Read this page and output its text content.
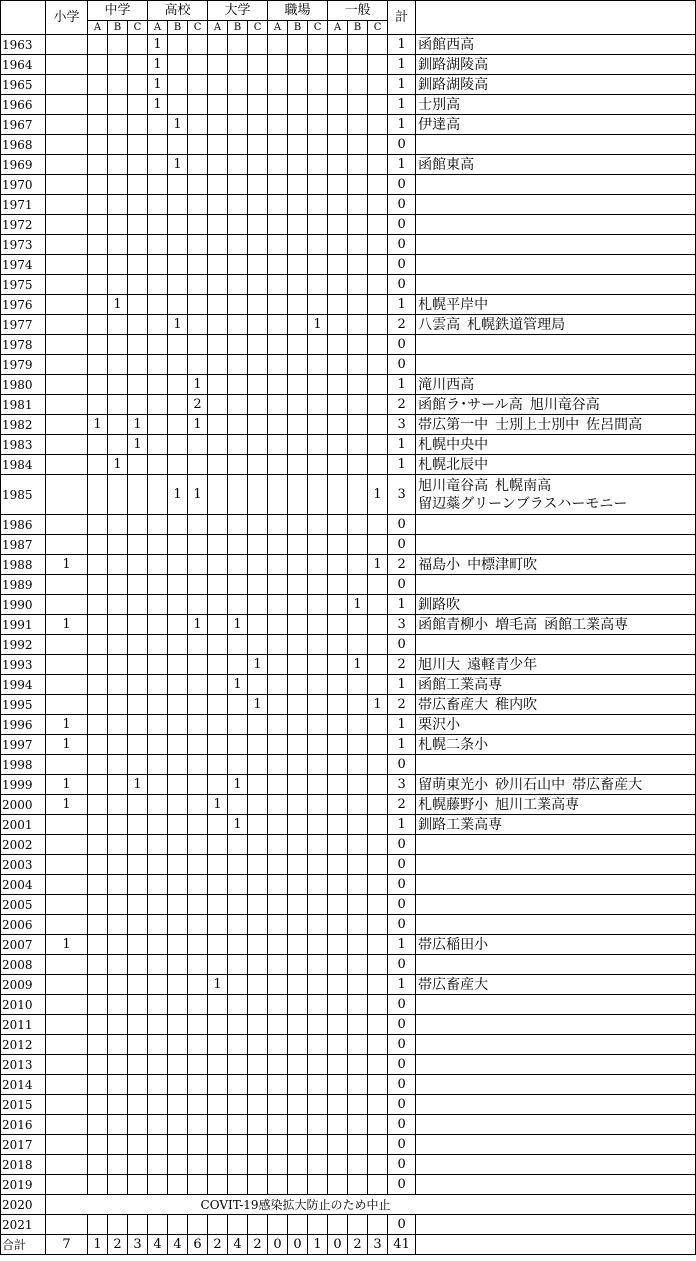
	小学	中学			高校			大学			職場			一般			計	
		A	B	C	A	B	C	A	B	C	A	B	C	A	B	C		
1963					1												1	函館西高

1964					1												1	釧路湖陵高

1965					1												1	釧路湖陵高

1966					1												1	士別高

1967						1											1	伊達高

1968																	0	

1969						1											1	函館東高

1970																	0	

1971																	0	

1972																	0	

1973																	0	

1974																	0	

1975																	0	

1976			1														1	札幌平岸中

1977						1							1				2	八雲高 札幌鉄道管理局

1978																	0	

1979																	0	

1980							1										1	滝川西高

1981							2										2	函館ラ･サール高 旭川竜谷高

1982		1		1			1										3	帯広第一中 士別上士別中 佐呂間高

1983				1													1	札幌中央中

1984			1														1	札幌北辰中

1985						1	1									1	3	旭川竜谷高 札幌南高
留辺蘂グリーンブラスハーモニー

1986																	0	

1987																	0	

1988	1															1	2	福島小 中標津町吹

1989																	0	

1990															1		1	釧路吹

1991	1						1		1								3	函館青柳小 増毛高 函館工業高専

1992																	0	

1993										1					1		2	旭川大 遠軽青少年

1994									1								1	函館工業高専

1995										1						1	2	帯広畜産大 稚内吹

1996	1																1	栗沢小

1997	1																1	札幌二条小

1998																	0	

1999	1			1					1								3	留萌東光小 砂川石山中 帯広畜産大

2000	1							1									2	札幌藤野小 旭川工業高専

2001									1								1	釧路工業高専

2002																	0	

2003																	0	

2004																	0	

2005																	0	

2006																	0	

2007	1																1	帯広稲田小

2008																	0	

2009								1									1	帯広畜産大

2010																	0	

2011																	0	

2012																	0	

2013																	0	

2014																	0	

2015																	0	

2016																	0	

2017																	0	

2018																	0	

2019																	0	

2020	COVIT-19感染拡大防止のため中止																	
2021																	0	

合計	7	1	2	3	4	4	6	2	4	2	0	0	1	0	2	3	41	
